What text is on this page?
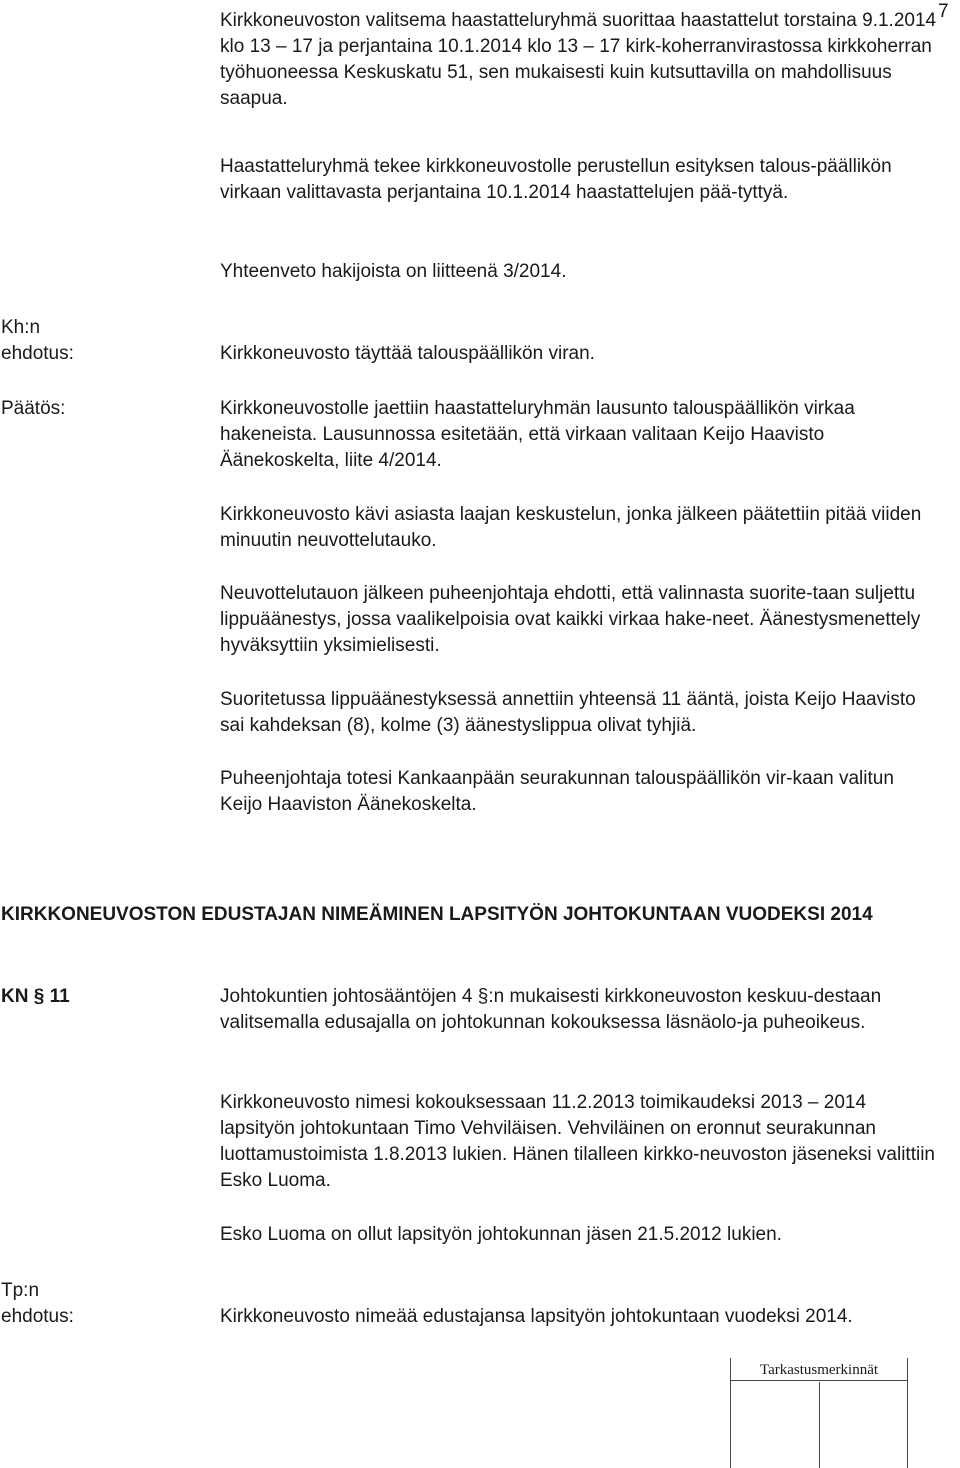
7

Kirkkoneuvoston valitsema haastatteluryhmä suorittaa haastattelut torstaina 9.1.2014 klo 13 – 17 ja perjantaina 10.1.2014 klo 13 – 17 kirk-koherranvirastossa kirkkoherran työhuoneessa Keskuskatu 51, sen mukaisesti kuin kutsuttavilla on mahdollisuus saapua.

Haastatteluryhmä tekee kirkkoneuvostolle perustellun esityksen talous-päällikön virkaan valittavasta perjantaina 10.1.2014 haastattelujen pää-tyttyä.

Yhteenveto hakijoista on liitteenä 3/2014.

Kh:n
ehdotus:	Kirkkoneuvosto täyttää talouspäällikön viran.

Päätös:	Kirkkoneuvostolle jaettiin haastatteluryhmän lausunto talouspäällikön virkaa hakeneista. Lausunnossa esitetään, että virkaan valitaan Keijo Haavisto Äänekoskelta, liite 4/2014.

Kirkkoneuvosto kävi asiasta laajan keskustelun, jonka jälkeen päätettiin pitää viiden minuutin neuvottelutauko.

Neuvottelutauon jälkeen puheenjohtaja ehdotti, että valinnasta suorite-taan suljettu lippuäänestys, jossa vaalikelpoisia ovat kaikki virkaa hake-neet. Äänestysmenettely hyväksyttiin yksimielisesti.

Suoritetussa lippuäänestyksessä annettiin yhteensä 11 ääntä, joista Keijo Haavisto sai kahdeksan (8), kolme (3) äänestyslippua olivat tyhjiä.

Puheenjohtaja totesi Kankaanpään seurakunnan talouspäällikön vir-kaan valitun Keijo Haaviston Äänekoskelta.

KIRKKONEUVOSTON EDUSTAJAN NIMEÄMINEN LAPSITYÖN JOHTOKUNTAAN VUODEKSI 2014
KN § 11	Johtokuntien johtosääntöjen 4 §:n mukaisesti kirkkoneuvoston keskuu-destaan valitsemalla edusajalla on johtokunnan kokouksessa läsnäolo-ja puheoikeus.

Kirkkoneuvosto nimesi kokouksessaan 11.2.2013 toimikaudeksi 2013 – 2014 lapsityön johtokuntaan Timo Vehviläisen. Vehviläinen on eronnut seurakunnan luottamustoimista 1.8.2013 lukien. Hänen tilalleen kirkko-neuvoston jäseneksi valittiin Esko Luoma.

Esko Luoma on ollut lapsityön johtokunnan jäsen 21.5.2012 lukien.

Tp:n
ehdotus:	Kirkkoneuvosto nimeää edustajansa lapsityön johtokuntaan vuodeksi 2014.

Tarkastusmerkinnät
